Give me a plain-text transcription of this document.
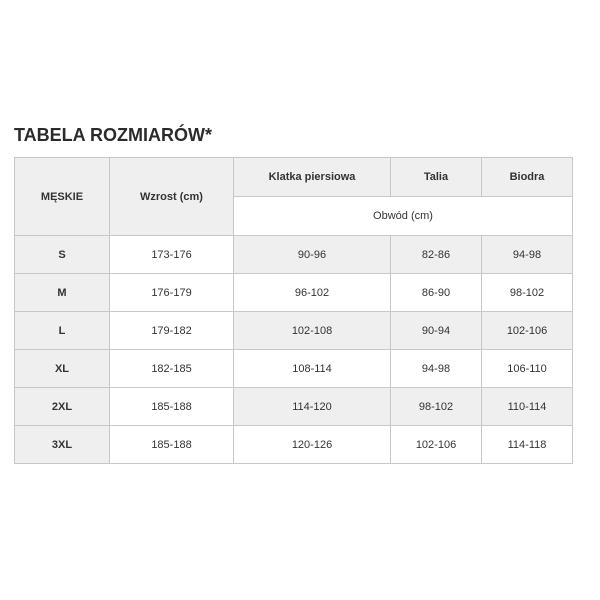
TABELA ROZMIARÓW*
MĘSKIE	Wzrost (cm)	Klatka piersiowa	Talia	Biodra
		Obwód (cm)		
S	173-176	90-96	82-86	94-98
M	176-179	96-102	86-90	98-102
L	179-182	102-108	90-94	102-106
XL	182-185	108-114	94-98	106-110
2XL	185-188	114-120	98-102	110-114
3XL	185-188	120-126	102-106	114-118
